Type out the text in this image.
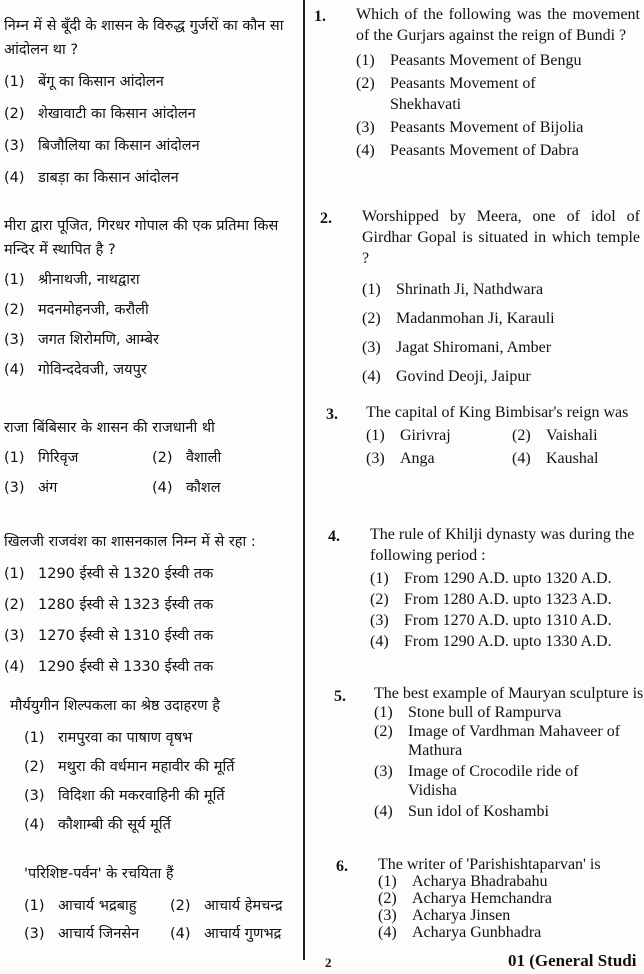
निम्न में से बूँदी के शासन के विरुद्ध गुर्जरों का कौन सा आंदोलन था ?

(1) बेंगू का किसान आंदोलन
(2) शेखावाटी का किसान आंदोलन
(3) बिजौलिया का किसान आंदोलन
(4) डाबड़ा का किसान आंदोलन

मीरा द्वारा पूजित, गिरधर गोपाल की एक प्रतिमा किस मन्दिर में स्थापित है ?

(1) श्रीनाथजी, नाथद्वारा
(2) मदनमोहनजी, करौली
(3) जगत शिरोमणि, आम्बेर
(4) गोविन्ददेवजी, जयपुर

राजा बिंबिसार के शासन की राजधानी थी

(1) गिरिवृज	(2) वैशाली
(3) अंग	(4) कौशल

खिलजी राजवंश का शासनकाल निम्न में से रहा :

(1) 1290 ईस्वी से 1320 ईस्वी तक
(2) 1280 ईस्वी से 1323 ईस्वी तक
(3) 1270 ईस्वी से 1310 ईस्वी तक
(4) 1290 ईस्वी से 1330 ईस्वी तक

मौर्ययुगीन शिल्पकला का श्रेष्ठ उदाहरण है

(1) रामपुरवा का पाषाण वृषभ
(2) मथुरा की वर्धमान महावीर की मूर्ति
(3) विदिशा की मकरवाहिनी की मूर्ति
(4) कौशाम्बी की सूर्य मूर्ति

'परिशिष्ट-पर्वन' के रचयिता हैं

(1) आचार्य भद्रबाहु	(2) आचार्य हेमचन्द्र
(3) आचार्य जिनसेन	(4) आचार्य गुणभद्र
1. Which of the following was the movement of the Gurjars against the reign of Bundi ?

(1) Peasants Movement of Bengu
(2) Peasants Movement of Shekhavati
(3) Peasants Movement of Bijolia
(4) Peasants Movement of Dabra
2. Worshipped by Meera, one of idol of Girdhar Gopal is situated in which temple ?

(1) Shrinath Ji, Nathdwara
(2) Madanmohan Ji, Karauli
(3) Jagat Shiromani, Amber
(4) Govind Deoji, Jaipur
3. The capital of King Bimbisar's reign was

(1) Girivraj	(2) Vaishali
(3) Anga	(4) Kaushal
4. The rule of Khilji dynasty was during the following period :

(1) From 1290 A.D. upto 1320 A.D.
(2) From 1280 A.D. upto 1323 A.D.
(3) From 1270 A.D. upto 1310 A.D.
(4) From 1290 A.D. upto 1330 A.D.
5. The best example of Mauryan sculpture is

(1) Stone bull of Rampurva
(2) Image of Vardhman Mahaveer of Mathura
(3) Image of Crocodile ride of Vidisha
(4) Sun idol of Koshambi
6. The writer of 'Parishishtaparvan' is

(1) Acharya Bhadrabahu
(2) Acharya Hemchandra
(3) Acharya Jinsen
(4) Acharya Gunbhadra
2	01 (General Studi
